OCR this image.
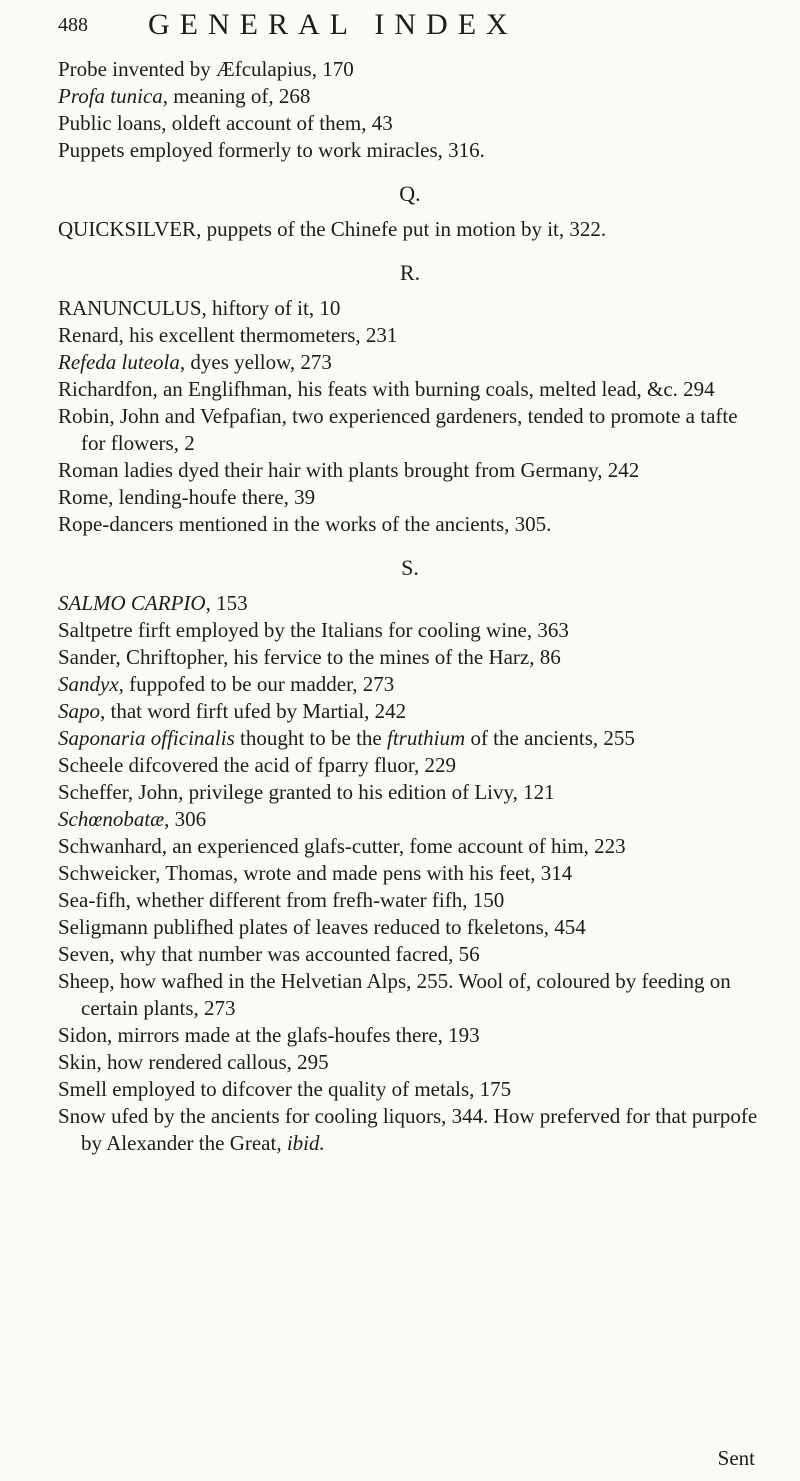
488 GENERAL INDEX

Probe invented by Æfculapius, 170

Profa tunica, meaning of, 268

Public loans, oldeft account of them, 43

Puppets employed formerly to work miracles, 316.

Q.

QUICKSILVER, puppets of the Chinefe put in motion by it, 322.

R.

RANUNCULUS, hiftory of it, 10

Renard, his excellent thermometers, 231

Refeda luteola, dyes yellow, 273

Richardfon, an Englifhman, his feats with burning coals, melted lead, &c. 294

Robin, John and Vefpafian, two experienced gardeners, tended to promote a tafte for flowers, 2

Roman ladies dyed their hair with plants brought from Germany, 242

Rome, lending-houfe there, 39

Rope-dancers mentioned in the works of the ancients, 305.

S.

SALMO CARPIO, 153

Saltpetre firft employed by the Italians for cooling wine, 363

Sander, Chriftopher, his fervice to the mines of the Harz, 86

Sandyx, fuppofed to be our madder, 273

Sapo, that word firft ufed by Martial, 242

Saponaria officinalis thought to be the ftruthium of the ancients, 255

Scheele difcovered the acid of fparry fluor, 229

Scheffer, John, privilege granted to his edition of Livy, 121

Schœnobatæ, 306

Schwanhard, an experienced glafs-cutter, fome account of him, 223

Schweicker, Thomas, wrote and made pens with his feet, 314

Sea-fifh, whether different from frefh-water fifh, 150

Seligmann publifhed plates of leaves reduced to fkeletons, 454

Seven, why that number was accounted facred, 56

Sheep, how wafhed in the Helvetian Alps, 255. Wool of, coloured by feeding on certain plants, 273

Sidon, mirrors made at the glafs-houfes there, 193

Skin, how rendered callous, 295

Smell employed to difcover the quality of metals, 175

Snow ufed by the ancients for cooling liquors, 344. How preferved for that purpofe by Alexander the Great, ibid.

Sent
